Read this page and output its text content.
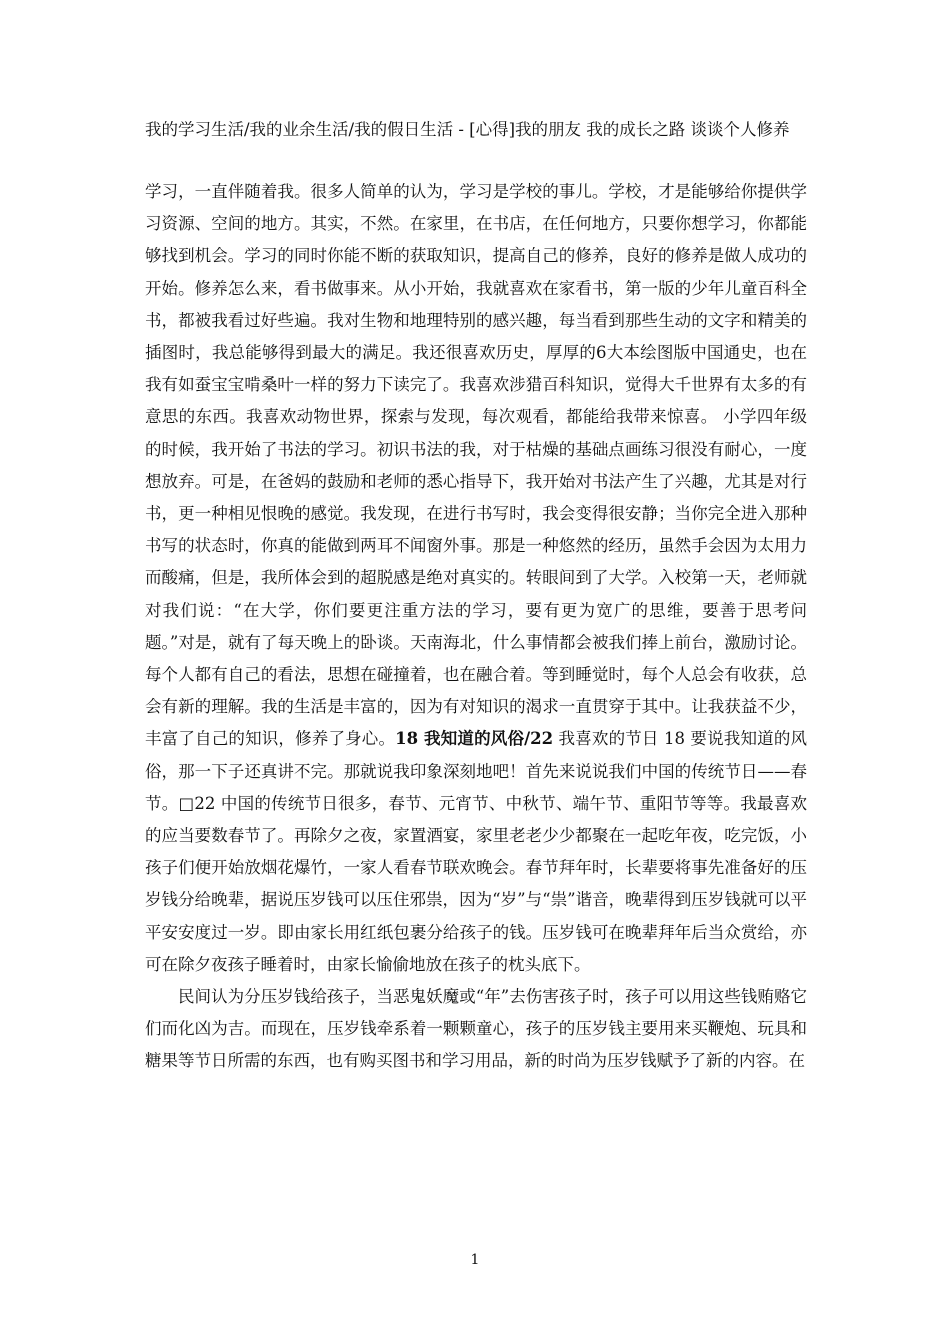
我的学习生活/我的业余生活/我的假日生活 - [心得]我的朋友 我的成长之路 谈谈个人修养

学习，一直伴随着我。很多人简单的认为，学习是学校的事儿。学校，才是能够给你提供学习资源、空间的地方。其实，不然。在家里，在书店，在任何地方，只要你想学习，你都能够找到机会。学习的同时你能不断的获取知识，提高自己的修养，良好的修养是做人成功的开始。修养怎么来，看书做事来。从小开始，我就喜欢在家看书，第一版的少年儿童百科全书，都被我看过好些遍。我对生物和地理特别的感兴趣，每当看到那些生动的文字和精美的插图时，我总能够得到最大的满足。我还很喜欢历史，厚厚的6大本绘图版中国通史，也在我有如蚕宝宝啃桑叶一样的努力下读完了。我喜欢涉猎百科知识，觉得大千世界有太多的有意思的东西。我喜欢动物世界，探索与发现，每次观看，都能给我带来惊喜。 小学四年级的时候，我开始了书法的学习。初识书法的我，对于枯燥的基础点画练习很没有耐心，一度想放弃。可是，在爸妈的鼓励和老师的悉心指导下，我开始对书法产生了兴趣，尤其是对行书，更一种相见恨晚的感觉。我发现，在进行书写时，我会变得很安静；当你完全进入那种书写的状态时，你真的能做到两耳不闻窗外事。那是一种悠然的经历，虽然手会因为太用力而酸痛，但是，我所体会到的超脱感是绝对真实的。转眼间到了大学。入校第一天，老师就对我们说：“在大学，你们要更注重方法的学习，要有更为宽广的思维，要善于思考问题。”对是，就有了每天晚上的卧谈。天南海北，什么事情都会被我们捧上前台，激励讨论。每个人都有自己的看法，思想在碰撞着，也在融合着。等到睡觉时，每个人总会有收获，总会有新的理解。我的生活是丰富的，因为有对知识的渴求一直贯穿于其中。让我获益不少，丰富了自己的知识，修养了身心。18 我知道的风俗/22 我喜欢的节日 18 要说我知道的风俗，那一下子还真讲不完。那就说我印象深刻地吧！首先来说说我们中国的传统节日——春节。□22 中国的传统节日很多，春节、元宵节、中秋节、端午节、重阳节等等。我最喜欢的应当要数春节了。再除夕之夜，家置酒宴，家里老老少少都聚在一起吃年夜，吃完饭，小孩子们便开始放烟花爆竹，一家人看春节联欢晚会。春节拜年时，长辈要将事先准备好的压岁钱分给晚辈，据说压岁钱可以压住邪祟，因为“岁”与“祟”谐音，晚辈得到压岁钱就可以平平安安度过一岁。即由家长用红纸包裹分给孩子的钱。压岁钱可在晚辈拜年后当众赏给，亦可在除夕夜孩子睡着时，由家长愉偷地放在孩子的枕头底下。

民间认为分压岁钱给孩子，当恶鬼妖魔或“年”去伤害孩子时，孩子可以用这些钱贿赂它们而化凶为吉。而现在，压岁钱牵系着一颗颗童心，孩子的压岁钱主要用来买鞭炮、玩具和糖果等节日所需的东西，也有购买图书和学习用品，新的时尚为压岁钱赋予了新的内容。在

1
